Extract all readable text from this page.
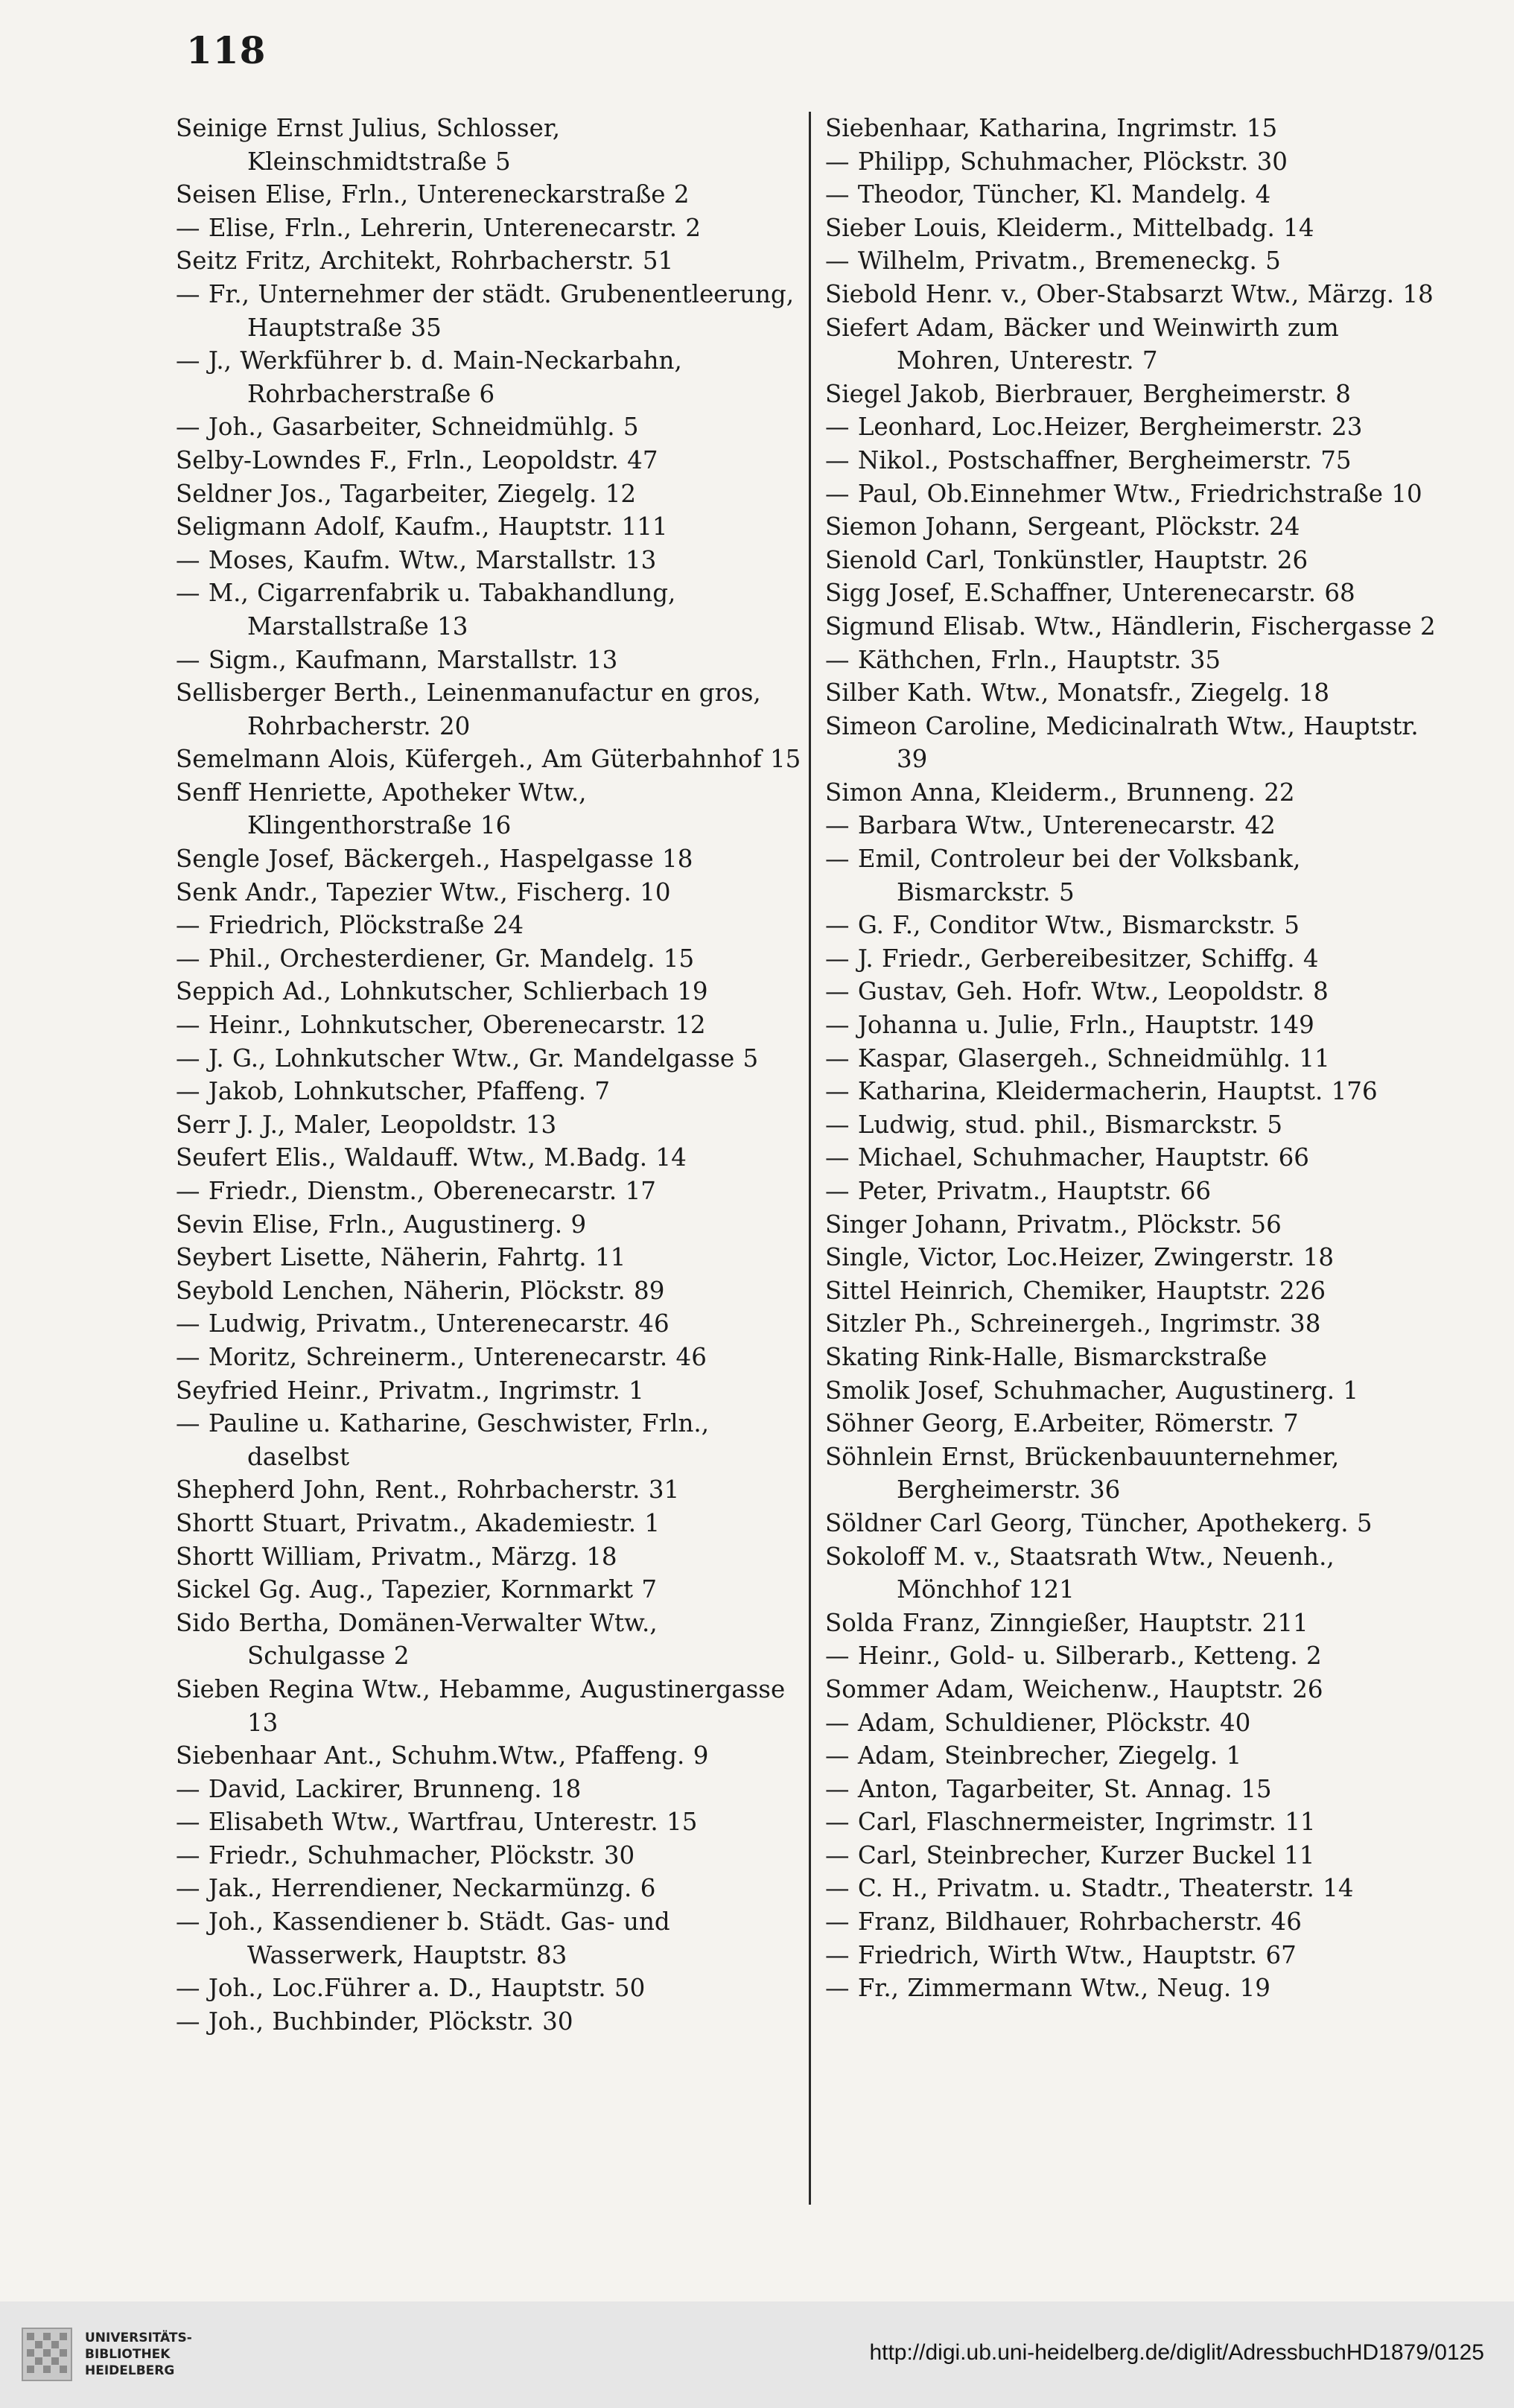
118
Seinige Ernst Julius, Schlosser, Kleinschmidtstraße 5
Seisen Elise, Frln., Untereneckarstraße 2
— Elise, Frln., Lehrerin, Unterenecarstr. 2
Seitz Fritz, Architekt, Rohrbacherstr. 51
— Fr., Unternehmer der städt. Grubenentleerung, Hauptstraße 35
— J., Werkführer b. d. Main-Neckarbahn, Rohrbacherstraße 6
— Joh., Gasarbeiter, Schneidmühlg. 5
Selby-Lowndes F., Frln., Leopoldstr. 47
Seldner Jos., Tagarbeiter, Ziegelg. 12
Seligmann Adolf, Kaufm., Hauptstr. 111
— Moses, Kaufm. Wtw., Marstallstr. 13
— M., Cigarrenfabrik u. Tabakhandlung, Marstallstraße 13
— Sigm., Kaufmann, Marstallstr. 13
Sellisberger Berth., Leinenmanufactur en gros, Rohrbacherstr. 20
Semelmann Alois, Küfergeh., Am Güterbahnhof 15
Senff Henriette, Apotheker Wtw., Klingenthorstraße 16
Sengle Josef, Bäckergeh., Haspelgasse 18
Senk Andr., Tapezier Wtw., Fischerg. 10
— Friedrich, Plöckstraße 24
— Phil., Orchesterdiener, Gr. Mandelg. 15
Seppich Ad., Lohnkutscher, Schlierbach 19
— Heinr., Lohnkutscher, Oberenecarstr. 12
— J. G., Lohnkutscher Wtw., Gr. Mandelgasse 5
— Jakob, Lohnkutscher, Pfaffeng. 7
Serr J. J., Maler, Leopoldstr. 13
Seufert Elis., Waldauff. Wtw., M.Badg. 14
— Friedr., Dienstm., Oberenecarstr. 17
Sevin Elise, Frln., Augustinerg. 9
Seybert Lisette, Näherin, Fahrtg. 11
Seybold Lenchen, Näherin, Plöckstr. 89
— Ludwig, Privatm., Unterenecarstr. 46
— Moritz, Schreinerm., Unterenecarstr. 46
Seyfried Heinr., Privatm., Ingrimstr. 1
— Pauline u. Katharine, Geschwister, Frln., daselbst
Shepherd John, Rent., Rohrbacherstr. 31
Shortt Stuart, Privatm., Akademiestr. 1
Shortt William, Privatm., Märzg. 18
Sickel Gg. Aug., Tapezier, Kornmarkt 7
Sido Bertha, Domänen-Verwalter Wtw., Schulgasse 2
Sieben Regina Wtw., Hebamme, Augustinergasse 13
Siebenhaar Ant., Schuhm.Wtw., Pfaffeng. 9
— David, Lackirer, Brunneng. 18
— Elisabeth Wtw., Wartfrau, Unterestr. 15
— Friedr., Schuhmacher, Plöckstr. 30
— Jak., Herrendiener, Neckarmünzg. 6
— Joh., Kassendiener b. Städt. Gas- und Wasserwerk, Hauptstr. 83
— Joh., Loc.Führer a. D., Hauptstr. 50
— Joh., Buchbinder, Plöckstr. 30
Siebenhaar, Katharina, Ingrimstr. 15
— Philipp, Schuhmacher, Plöckstr. 30
— Theodor, Tüncher, Kl. Mandelg. 4
Sieber Louis, Kleiderm., Mittelbadg. 14
— Wilhelm, Privatm., Bremeneckg. 5
Siebold Henr. v., Ober-Stabsarzt Wtw., Märzg. 18
Siefert Adam, Bäcker und Weinwirth zum Mohren, Unterestr. 7
Siegel Jakob, Bierbrauer, Bergheimerstr. 8
— Leonhard, Loc.Heizer, Bergheimerstr. 23
— Nikol., Postschaffner, Bergheimerstr. 75
— Paul, Ob.Einnehmer Wtw., Friedrichstraße 10
Siemon Johann, Sergeant, Plöckstr. 24
Sienold Carl, Tonkünstler, Hauptstr. 26
Sigg Josef, E.Schaffner, Unterenecarstr. 68
Sigmund Elisab. Wtw., Händlerin, Fischergasse 2
— Käthchen, Frln., Hauptstr. 35
Silber Kath. Wtw., Monatsfr., Ziegelg. 18
Simeon Caroline, Medicinalrath Wtw., Hauptstr. 39
Simon Anna, Kleiderm., Brunneng. 22
— Barbara Wtw., Unterenecarstr. 42
— Emil, Controleur bei der Volksbank, Bismarckstr. 5
— G. F., Conditor Wtw., Bismarckstr. 5
— J. Friedr., Gerbereibesitzer, Schiffg. 4
— Gustav, Geh. Hofr. Wtw., Leopoldstr. 8
— Johanna u. Julie, Frln., Hauptstr. 149
— Kaspar, Glasergeh., Schneidmühlg. 11
— Katharina, Kleidermacherin, Hauptst. 176
— Ludwig, stud. phil., Bismarckstr. 5
— Michael, Schuhmacher, Hauptstr. 66
— Peter, Privatm., Hauptstr. 66
Singer Johann, Privatm., Plöckstr. 56
Single, Victor, Loc.Heizer, Zwingerstr. 18
Sittel Heinrich, Chemiker, Hauptstr. 226
Sitzler Ph., Schreinergeh., Ingrimstr. 38
Skating Rink-Halle, Bismarckstraße
Smolik Josef, Schuhmacher, Augustinerg. 1
Söhner Georg, E.Arbeiter, Römerstr. 7
Söhnlein Ernst, Brückenbauunternehmer, Bergheimerstr. 36
Söldner Carl Georg, Tüncher, Apothekerg. 5
Sokoloff M. v., Staatsrath Wtw., Neuenh., Mönchhof 121
Solda Franz, Zinngießer, Hauptstr. 211
— Heinr., Gold- u. Silberarb., Ketteng. 2
Sommer Adam, Weichenw., Hauptstr. 26
— Adam, Schuldiener, Plöckstr. 40
— Adam, Steinbrecher, Ziegelg. 1
— Anton, Tagarbeiter, St. Annag. 15
— Carl, Flaschnermeister, Ingrimstr. 11
— Carl, Steinbrecher, Kurzer Buckel 11
— C. H., Privatm. u. Stadtr., Theaterstr. 14
— Franz, Bildhauer, Rohrbacherstr. 46
— Friedrich, Wirth Wtw., Hauptstr. 67
— Fr., Zimmermann Wtw., Neug. 19
UNIVERSITÄTS-
BIBLIOTHEK
HEIDELBERG
http://digi.ub.uni-heidelberg.de/diglit/AdressbuchHD1879/0125
